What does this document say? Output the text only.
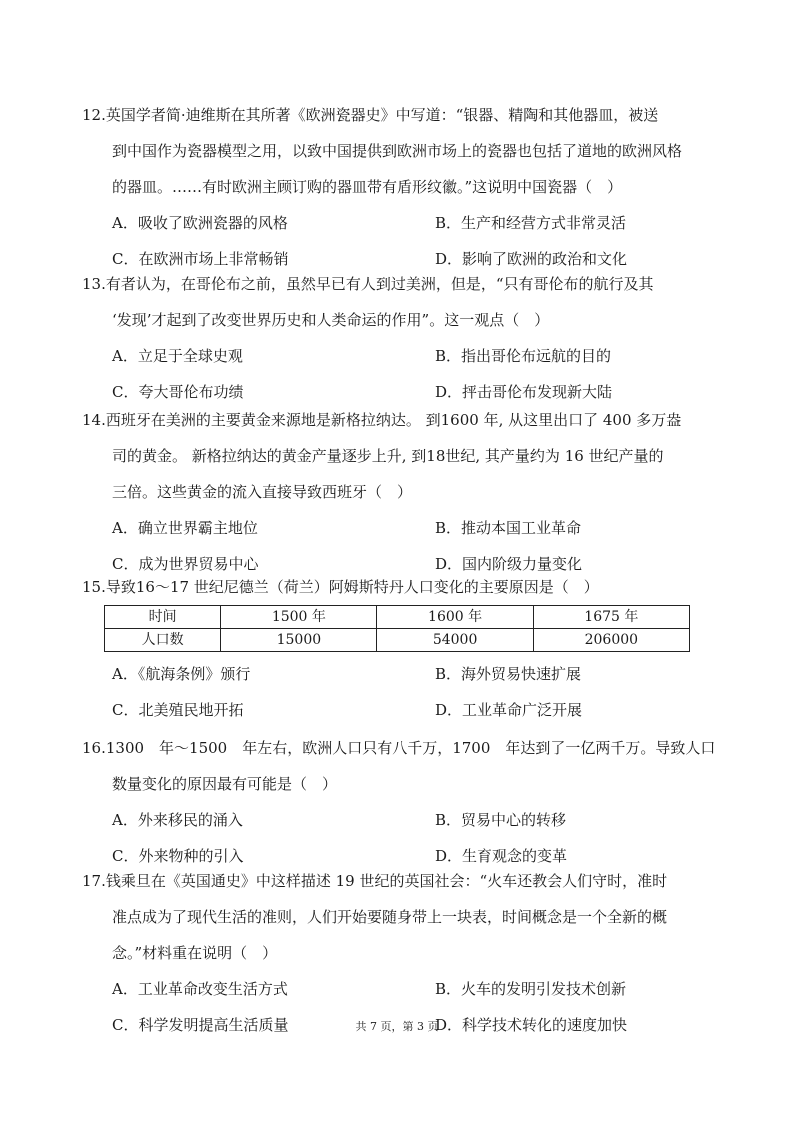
12.英国学者简·迪维斯在其所著《欧洲瓷器史》中写道：“银器、精陶和其他器皿，被送
到中国作为瓷器模型之用，以致中国提供到欧洲市场上的瓷器也包括了道地的欧洲风格
的器皿。……有时欧洲主顾订购的器皿带有盾形纹徽。”这说明中国瓷器（　）
A．吸收了欧洲瓷器的风格	B．生产和经营方式非常灵活
C．在欧洲市场上非常畅销	D．影响了欧洲的政治和文化
13.有者认为，在哥伦布之前，虽然早已有人到过美洲，但是，“只有哥伦布的航行及其
‘发现’才起到了改变世界历史和人类命运的作用”。这一观点（　）
A．立足于全球史观	B．指出哥伦布远航的目的
C．夸大哥伦布功绩	D．抨击哥伦布发现新大陆
14.西班牙在美洲的主要黄金来源地是新格拉纳达。 到1600 年, 从这里出口了 400 多万盎
司的黄金。 新格拉纳达的黄金产量逐步上升, 到18世纪, 其产量约为 16 世纪产量的
三倍。这些黄金的流入直接导致西班牙（　）
A．确立世界霸主地位	B．推动本国工业革命
C．成为世界贸易中心	D．国内阶级力量变化
15.导致16～17 世纪尼德兰（荷兰）阿姆斯特丹人口变化的主要原因是（　）
时间	1500 年	1600 年	1675 年
人口数	15000	54000	206000
A．《航海条例》颁行	B．海外贸易快速扩展
C．北美殖民地开拓	D．工业革命广泛开展
16.1300　年～1500　年左右，欧洲人口只有八千万，1700　年达到了一亿两千万。导致人口
数量变化的原因最有可能是（　）
A．外来移民的涌入	B．贸易中心的转移
C．外来物种的引入	D．生育观念的变革
17.钱乘旦在《英国通史》中这样描述 19 世纪的英国社会：“火车还教会人们守时，准时
准点成为了现代生活的准则，人们开始要随身带上一块表，时间概念是一个全新的概
念。”材料重在说明（　）
A．工业革命改变生活方式	B．火车的发明引发技术创新
C．科学发明提高生活质量	D．科学技术转化的速度加快
共 7 页，第 3 页
